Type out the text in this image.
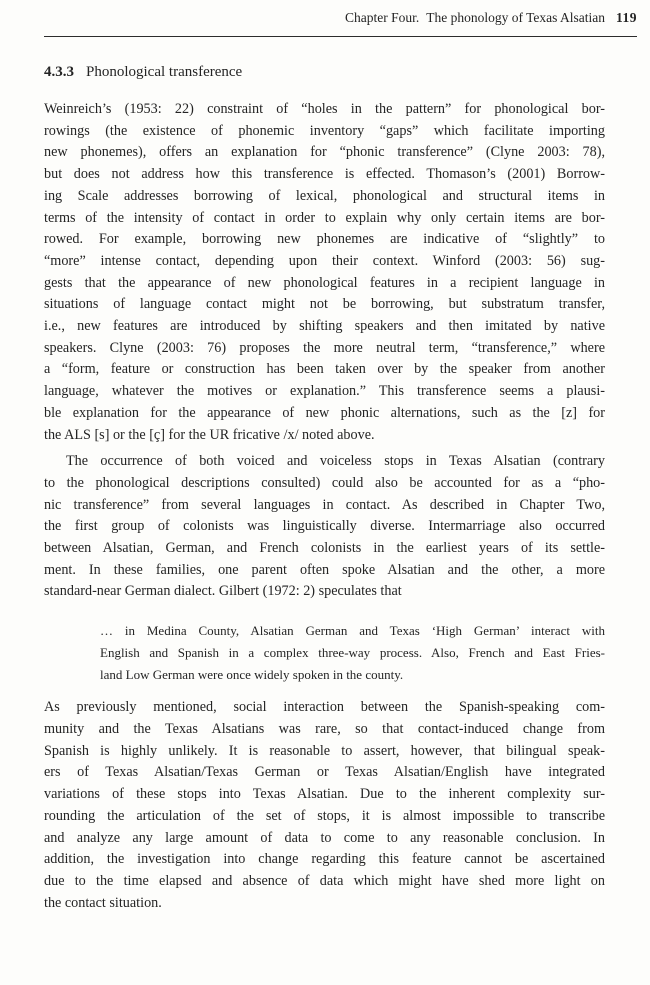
Chapter Four. The phonology of Texas Alsatian 119
4.3.3 Phonological transference
Weinreich’s (1953: 22) constraint of “holes in the pattern” for phonological bor-
rowings (the existence of phonemic inventory “gaps” which facilitate importing
new phonemes), offers an explanation for “phonic transference” (Clyne 2003: 78),
but does not address how this transference is effected. Thomason’s (2001) Borrow-
ing Scale addresses borrowing of lexical, phonological and structural items in
terms of the intensity of contact in order to explain why only certain items are bor-
rowed. For example, borrowing new phonemes are indicative of “slightly” to
“more” intense contact, depending upon their context. Winford (2003: 56) sug-
gests that the appearance of new phonological features in a recipient language in
situations of language contact might not be borrowing, but substratum transfer,
i.e., new features are introduced by shifting speakers and then imitated by native
speakers. Clyne (2003: 76) proposes the more neutral term, “transference,” where
a “form, feature or construction has been taken over by the speaker from another
language, whatever the motives or explanation.” This transference seems a plausi-
ble explanation for the appearance of new phonic alternations, such as the [z] for
the ALS [s] or the [ç] for the UR fricative /x/ noted above.
The occurrence of both voiced and voiceless stops in Texas Alsatian (contrary
to the phonological descriptions consulted) could also be accounted for as a “pho-
nic transference” from several languages in contact. As described in Chapter Two,
the first group of colonists was linguistically diverse. Intermarriage also occurred
between Alsatian, German, and French colonists in the earliest years of its settle-
ment. In these families, one parent often spoke Alsatian and the other, a more
standard-near German dialect. Gilbert (1972: 2) speculates that
… in Medina County, Alsatian German and Texas ‘High German’ interact with
English and Spanish in a complex three-way process. Also, French and East Fries-
land Low German were once widely spoken in the county.
As previously mentioned, social interaction between the Spanish-speaking com-
munity and the Texas Alsatians was rare, so that contact-induced change from
Spanish is highly unlikely. It is reasonable to assert, however, that bilingual speak-
ers of Texas Alsatian/Texas German or Texas Alsatian/English have integrated
variations of these stops into Texas Alsatian. Due to the inherent complexity sur-
rounding the articulation of the set of stops, it is almost impossible to transcribe
and analyze any large amount of data to come to any reasonable conclusion. In
addition, the investigation into change regarding this feature cannot be ascertained
due to the time elapsed and absence of data which might have shed more light on
the contact situation.
